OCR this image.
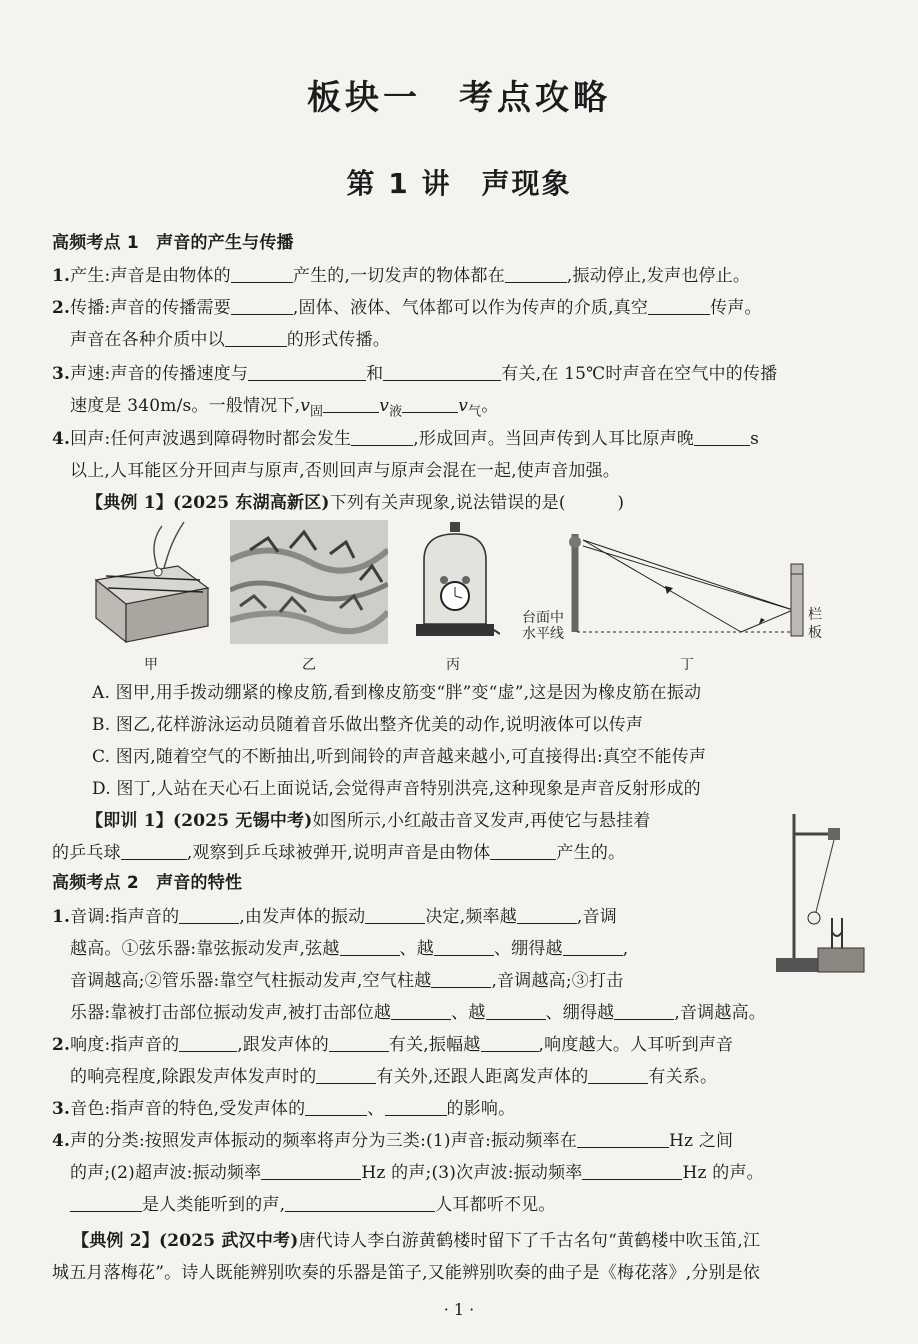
板块一　考点攻略
第 1 讲　声现象
高频考点 1　声音的产生与传播
1.产生:声音是由物体的	产生的,一切发声的物体都在	,振动停止,发声也停止。
2.传播:声音的传播需要	,固体、液体、气体都可以作为传声的介质,真空	传声。
声音在各种介质中以	的形式传播。
3.声速:声音的传播速度与	和	有关,在 15℃时声音在空气中的传播
速度是 340m/s。一般情况下$,v_固$	$v_液$	$v_气$。
4.回声:任何声波遇到障碍物时都会发生	,形成回声。当回声传到人耳比原声晚	s
以上,人耳能区分开回声与原声,否则回声与原声会混在一起,使声音加强。
【典例 1】(2025 东湖高新区)下列有关声现象,说法错误的是(　　　)
台面中
水平线
栏
板
甲	乙	丙	丁
A. 图甲,用手拨动绷紧的橡皮筋,看到橡皮筋变“胖”变“虚”,这是因为橡皮筋在振动
B. 图乙,花样游泳运动员随着音乐做出整齐优美的动作,说明液体可以传声
C. 图丙,随着空气的不断抽出,听到闹铃的声音越来越小,可直接得出:真空不能传声
D. 图丁,人站在天心石上面说话,会觉得声音特别洪亮,这种现象是声音反射形成的
【即训 1】(2025 无锡中考)如图所示,小红敲击音叉发声,再使它与悬挂着
的乒乓球	,观察到乒乓球被弹开,说明声音是由物体	产生的。
高频考点 2　声音的特性
1.音调:指声音的	,由发声体的振动	决定,频率越	,音调
越高。①弦乐器:靠弦振动发声,弦越	、越	、绷得越	,
音调越高;②管乐器:靠空气柱振动发声,空气柱越	,音调越高;③打击
乐器:靠被打击部位振动发声,被打击部位越	、越	、绷得越	,音调越高。
2.响度:指声音的	,跟发声体的	有关,振幅越	,响度越大。人耳听到声音
的响亮程度,除跟发声体发声时的	有关外,还跟人距离发声体的	有关系。
3.音色:指声音的特色,受发声体的	、	的影响。
4.声的分类:按照发声体振动的频率将声分为三类:(1)声音:振动频率在	Hz 之间
的声;(2)超声波:振动频率	Hz 的声;(3)次声波:振动频率	Hz 的声。
是人类能听到的声,	人耳都听不见。
【典例 2】(2025 武汉中考)唐代诗人李白游黄鹤楼时留下了千古名句“黄鹤楼中吹玉笛,江
城五月落梅花”。诗人既能辨别吹奏的乐器是笛子,又能辨别吹奏的曲子是《梅花落》,分别是依
· 1 ·
